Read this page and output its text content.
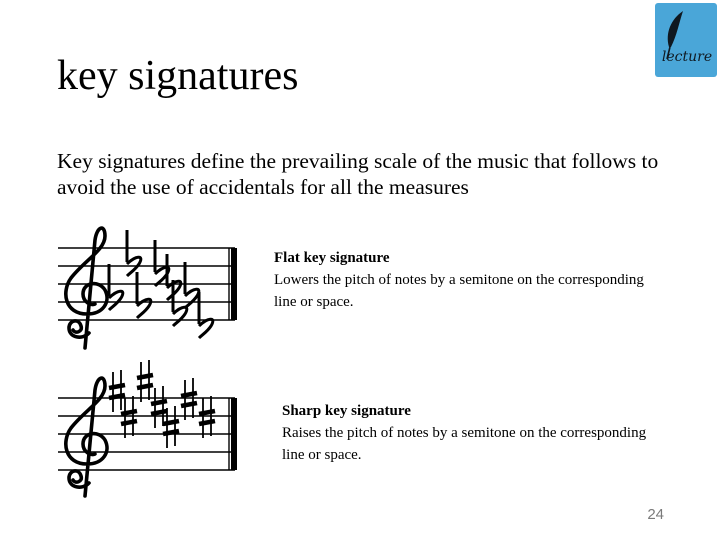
lecture
key signatures
Key signatures define the prevailing scale of the music that follows to avoid the use of accidentals for all the measures
Flat key signature
Lowers the pitch of notes by a semitone on the corresponding line or space.
Sharp key signature
Raises the pitch of notes by a semitone on the corresponding line or space.
24
